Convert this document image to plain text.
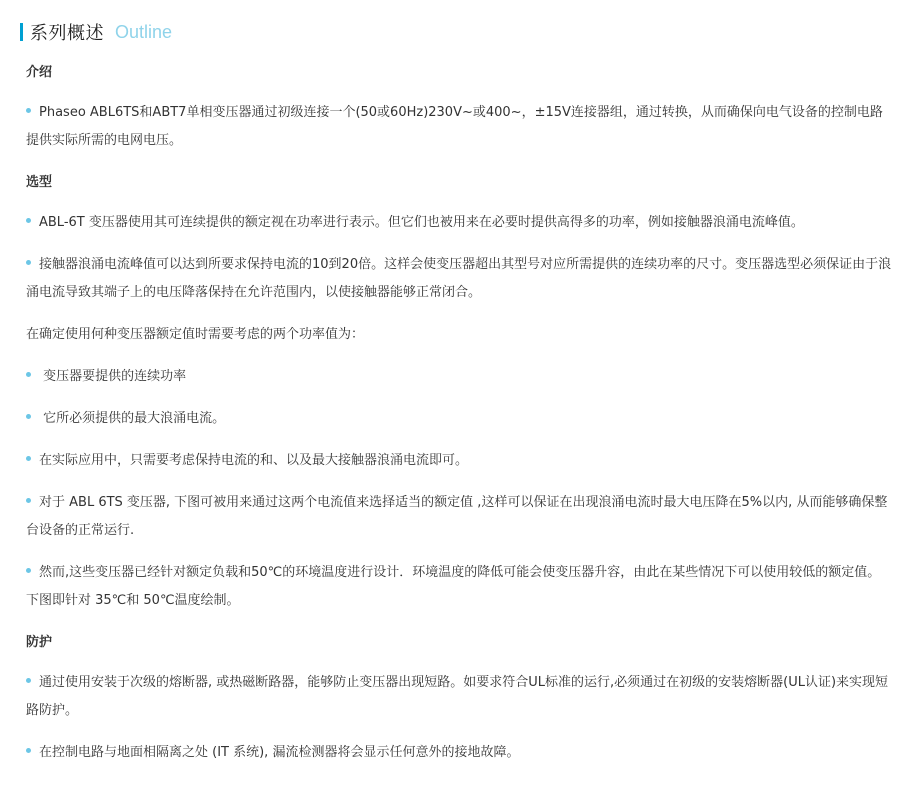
系列概述 Outline
介绍
Phaseo ABL6TS和ABT7单相变压器通过初级连接一个(50或60Hz)230V~或400~，±15V连接器组，通过转换，从而确保向电气设备的控制电路提供实际所需的电网电压。
选型
ABL-6T 变压器使用其可连续提供的额定视在功率进行表示。但它们也被用来在必要时提供高得多的功率，例如接触器浪涌电流峰值。
接触器浪涌电流峰值可以达到所要求保持电流的10到20倍。这样会使变压器超出其型号对应所需提供的连续功率的尺寸。变压器选型必须保证由于浪涌电流导致其端子上的电压降落保持在允许范围内，以使接触器能够正常闭合。
在确定使用何种变压器额定值时需要考虑的两个功率值为：
变压器要提供的连续功率
它所必须提供的最大浪涌电流。
在实际应用中，只需要考虑保持电流的和、以及最大接触器浪涌电流即可。
对于 ABL 6TS 变压器, 下图可被用来通过这两个电流值来选择适当的额定值 ,这样可以保证在出现浪涌电流时最大电压降在5%以内, 从而能够确保整台设备的正常运行.
然而,这些变压器已经针对额定负载和50℃的环境温度进行设计．环境温度的降低可能会使变压器升容，由此在某些情况下可以使用较低的额定值。下图即针对 35℃和 50℃温度绘制。
防护
通过使用安装于次级的熔断器, 或热磁断路器，能够防止变压器出现短路。如要求符合UL标准的运行,必须通过在初级的安装熔断器(UL认证)来实现短路防护。
在控制电路与地面相隔离之处 (IT 系统), 漏流检测器将会显示任何意外的接地故障。
